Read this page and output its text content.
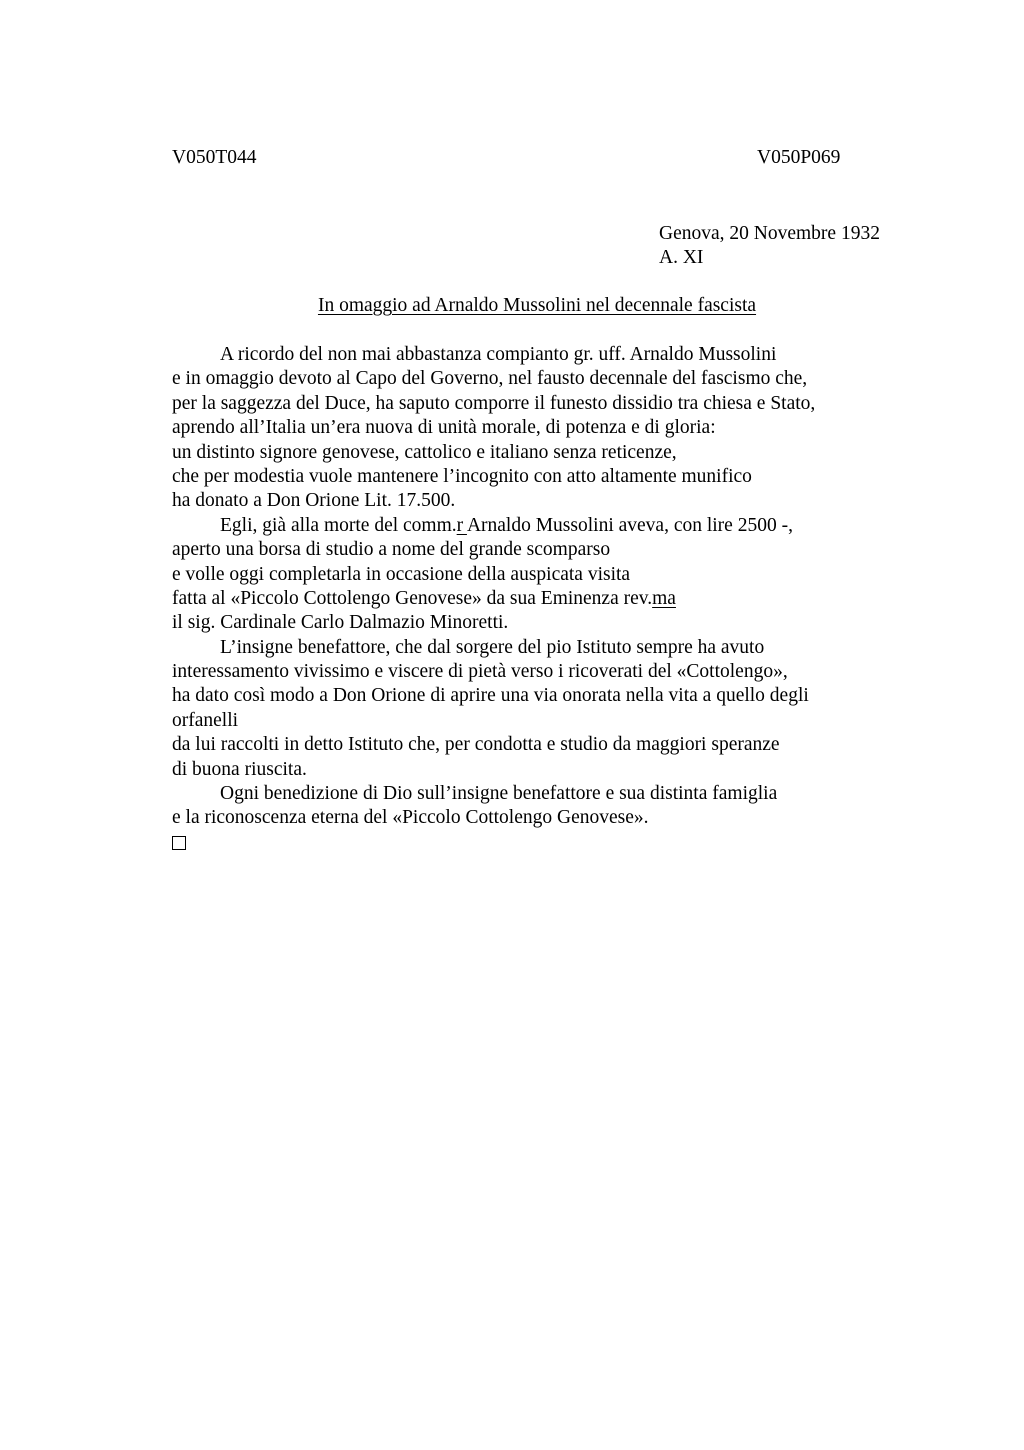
V050T044	V050P069
Genova, 20 Novembre 1932
A. XI
In omaggio ad Arnaldo Mussolini nel decennale fascista
A ricordo del non mai abbastanza compianto gr. uff. Arnaldo Mussolini
e in omaggio devoto al Capo del Governo, nel fausto decennale del fascismo che,
per la saggezza del Duce, ha saputo comporre il funesto dissidio tra chiesa e Stato,
aprendo all’Italia un’era nuova di unità morale, di potenza e di gloria:
un distinto signore genovese, cattolico e italiano senza reticenze,
che per modestia vuole mantenere l’incognito con atto altamente munifico
ha donato a Don Orione Lit. 17.500.
Egli, già alla morte del comm.r Arnaldo Mussolini aveva, con lire 2500 -,
aperto una borsa di studio a nome del grande scomparso
e volle oggi completarla in occasione della auspicata visita
fatta al «Piccolo Cottolengo Genovese» da sua Eminenza rev.ma
il sig. Cardinale Carlo Dalmazio Minoretti.
L’insigne benefattore, che dal sorgere del pio Istituto sempre ha avuto
interessamento vivissimo e viscere di pietà verso i ricoverati del «Cottolengo»,
ha dato così modo a Don Orione di aprire una via onorata nella vita a quello degli
orfanelli
da lui raccolti in detto Istituto che, per condotta e studio da maggiori speranze
di buona riuscita.
Ogni benedizione di Dio sull’insigne benefattore e sua distinta famiglia
e la riconoscenza eterna del «Piccolo Cottolengo Genovese».
